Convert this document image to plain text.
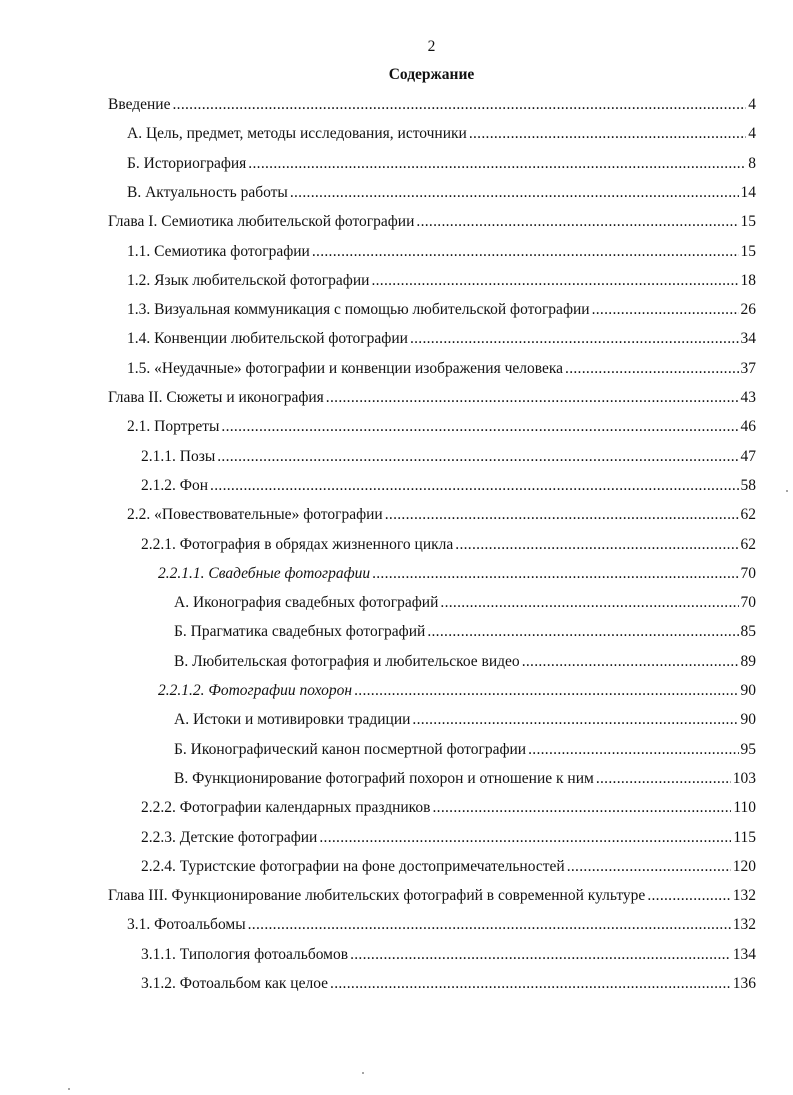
2
Содержание
Введение .....	4
А. Цель, предмет, методы исследования, источники .....	4
Б. Историография .....	8
В. Актуальность работы .....	14
Глава I. Семиотика любительской фотографии .....	15
1.1. Семиотика фотографии .....	15
1.2. Язык любительской фотографии .....	18
1.3. Визуальная коммуникация с помощью любительской фотографии .....	26
1.4. Конвенции любительской фотографии .....	34
1.5. «Неудачные» фотографии и конвенции изображения человека .....	37
Глава II. Сюжеты и иконография .....	43
2.1. Портреты .....	46
2.1.1. Позы .....	47
2.1.2. Фон .....	58
2.2. «Повествовательные» фотографии .....	62
2.2.1. Фотография в обрядах жизненного цикла .....	62
2.2.1.1. Свадебные фотографии .....	70
А. Иконография свадебных фотографий .....	70
Б. Прагматика свадебных фотографий .....	85
В. Любительская фотография и любительское видео .....	89
2.2.1.2. Фотографии похорон .....	90
А. Истоки и мотивировки традиции .....	90
Б. Иконографический канон посмертной фотографии .....	95
В. Функционирование фотографий похорон и отношение к ним .....	103
2.2.2. Фотографии календарных праздников .....	110
2.2.3. Детские фотографии .....	115
2.2.4. Туристские фотографии на фоне достопримечательностей .....	120
Глава III. Функционирование любительских фотографий в современной культуре .....	132
3.1. Фотоальбомы .....	132
3.1.1. Типология фотоальбомов .....	134
3.1.2. Фотоальбом как целое .....	136
